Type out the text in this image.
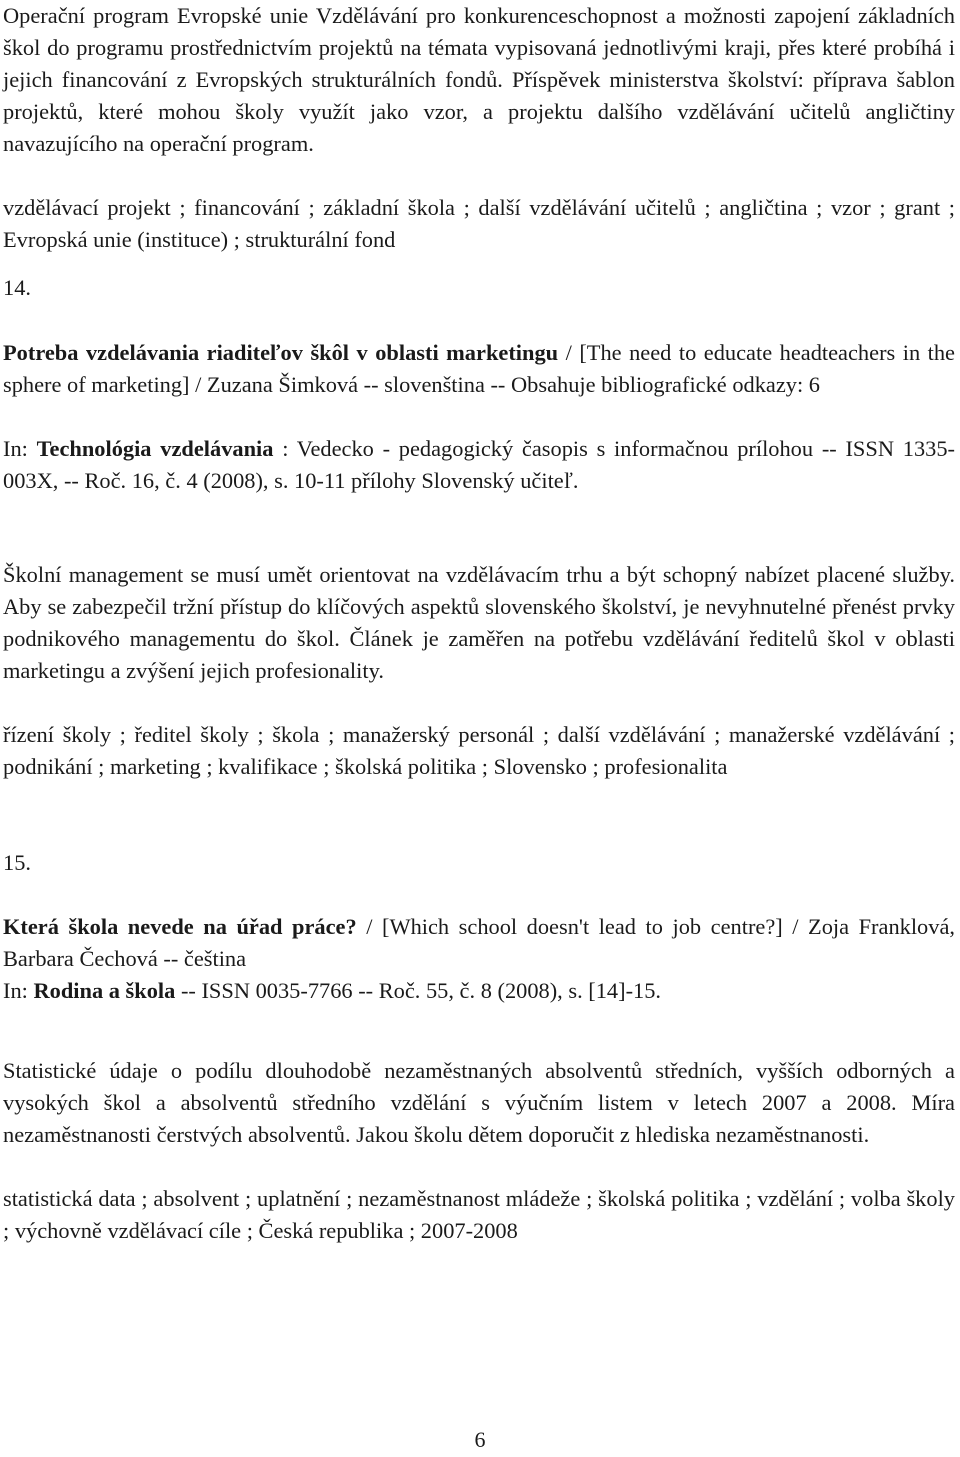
Operační program Evropské unie Vzdělávání pro konkurenceschopnost a možnosti zapojení základních škol do programu prostřednictvím projektů na témata vypisovaná jednotlivými kraji, přes které probíhá i jejich financování z Evropských strukturálních fondů. Příspěvek ministerstva školství: příprava šablon projektů, které mohou školy využít jako vzor, a projektu dalšího vzdělávání učitelů angličtiny navazujícího na operační program.
vzdělávací projekt ; financování ; základní škola ; další vzdělávání učitelů ; angličtina ; vzor ; grant ; Evropská unie (instituce) ; strukturální fond
14.
Potreba vzdelávania riaditeľov škôl v oblasti marketingu / [The need to educate headteachers in the sphere of marketing] / Zuzana Šimková -- slovenština -- Obsahuje bibliografické odkazy: 6
In: Technológia vzdelávania : Vedecko - pedagogický časopis s informačnou prílohou -- ISSN 1335-003X, -- Roč. 16, č. 4 (2008), s. 10-11 přílohy Slovenský učiteľ.
Školní management se musí umět orientovat na vzdělávacím trhu a být schopný nabízet placené služby. Aby se zabezpečil tržní přístup do klíčových aspektů slovenského školství, je nevyhnutelné přenést prvky podnikového managementu do škol. Článek je zaměřen na potřebu vzdělávání ředitelů škol v oblasti marketingu a zvýšení jejich profesionality.
řízení školy ; ředitel školy ; škola ; manažerský personál ; další vzdělávání ; manažerské vzdělávání ; podnikání ; marketing ; kvalifikace ; školská politika ; Slovensko ; profesionalita
15.
Která škola nevede na úřad práce? / [Which school doesn't lead to job centre?] / Zoja Franklová, Barbara Čechová -- čeština
In: Rodina a škola -- ISSN 0035-7766 -- Roč. 55, č. 8 (2008), s. [14]-15.
Statistické údaje o podílu dlouhodobě nezaměstnaných absolventů středních, vyšších odborných a vysokých škol a absolventů středního vzdělání s výučním listem v letech 2007 a 2008. Míra nezaměstnanosti čerstvých absolventů. Jakou školu dětem doporučit z hlediska nezaměstnanosti.
statistická data ; absolvent ; uplatnění ; nezaměstnanost mládeže ; školská politika ; vzdělání ; volba školy ; výchovně vzdělávací cíle ; Česká republika ; 2007-2008
6
